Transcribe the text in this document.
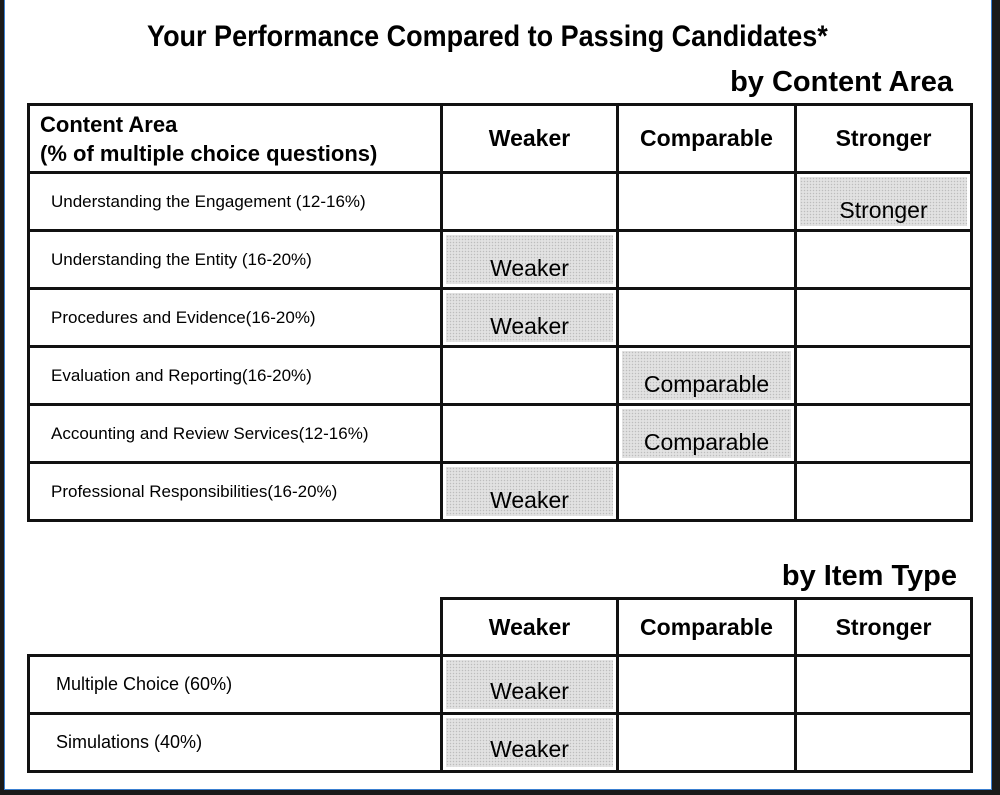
Your Performance Compared to Passing Candidates*
by Content Area
Content Area
(% of multiple choice questions)	Weaker	Comparable	Stronger
Understanding the Engagement (12-16%)			Stronger

Understanding the Entity (16-20%)	Weaker		

Procedures and Evidence(16-20%)	Weaker		

Evaluation and Reporting(16-20%)		Comparable	

Accounting and Review Services(12-16%)		Comparable	

Professional Responsibilities(16-20%)	Weaker		

by Item Type
	Weaker	Comparable	Stronger
Multiple Choice (60%)	Weaker		

Simulations (40%)	Weaker		
